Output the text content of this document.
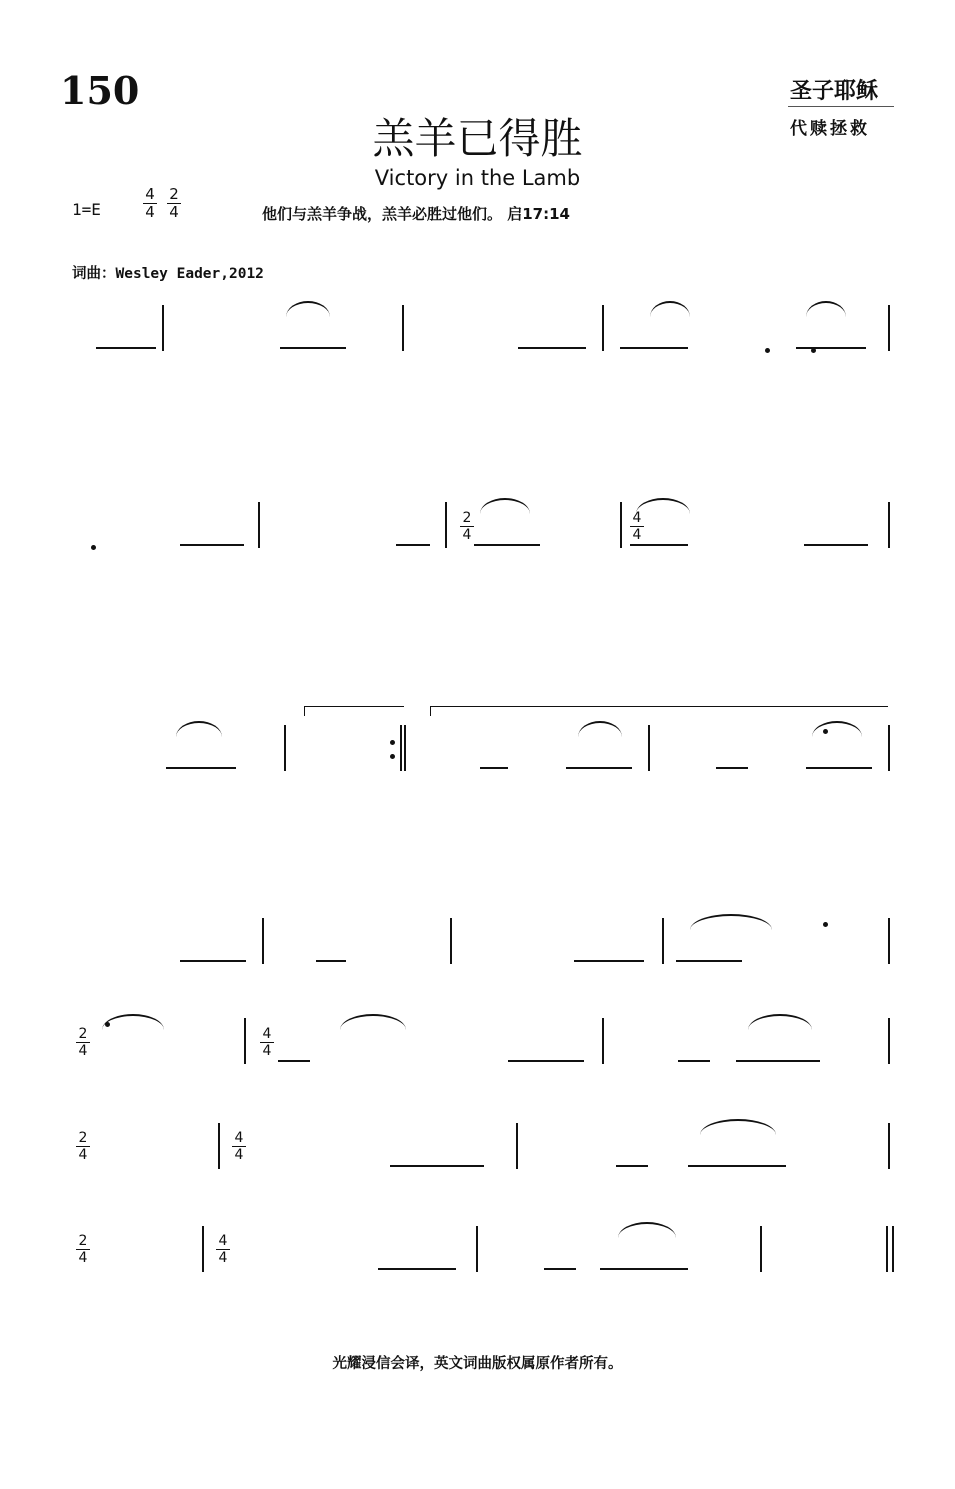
150	圣子耶稣
代赎拯救
羔羊已得胜
Victory in the Lamb
1=E
4
4
2
4	他们与羔羊争战，羔羊必胜过他们。 启17:14
词曲：Wesley Eader,2012
$\frac{2}{4}$	$\frac{4}{4}$
$\frac{2}{4}$	$\frac{4}{4}$
$\frac{2}{4}$	$\frac{4}{4}$
$\frac{2}{4}$	$\frac{4}{4}$
光耀浸信会译，英文词曲版权属原作者所有。
